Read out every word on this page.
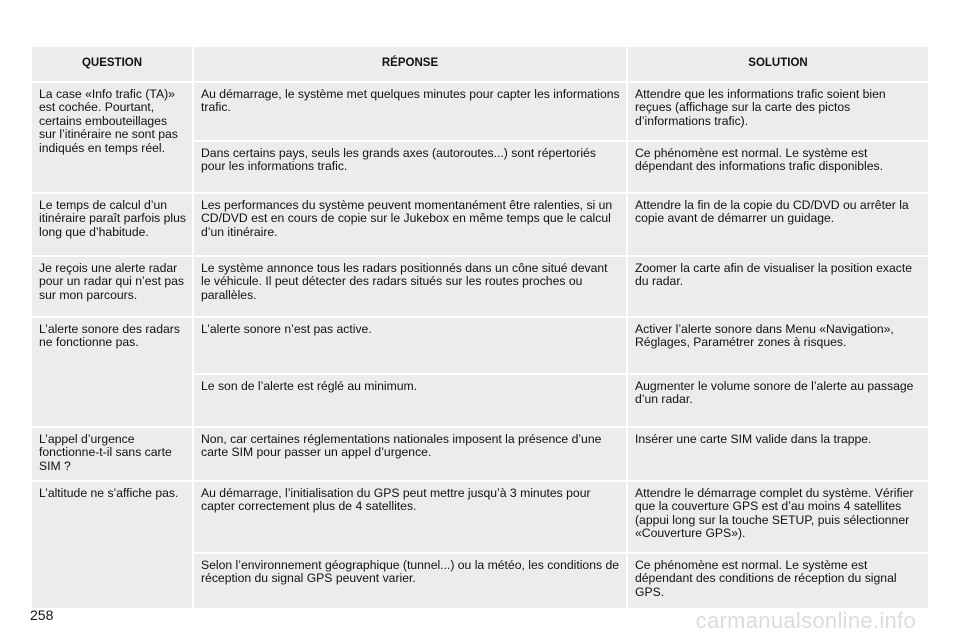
QUESTION	RÉPONSE	SOLUTION
La case «Info trafic (TA)» est cochée. Pourtant, certains embouteillages sur l’itinéraire ne sont pas indiqués en temps réel.	Au démarrage, le système met quelques minutes pour capter les informations trafic.	Attendre que les informations trafic soient bien reçues (affichage sur la carte des pictos d’informations trafic).
	Dans certains pays, seuls les grands axes (autoroutes...) sont répertoriés pour les informations trafic.	Ce phénomène est normal. Le système est dépendant des informations trafic disponibles.
Le temps de calcul d’un itinéraire paraît parfois plus long que d’habitude.	Les performances du système peuvent momentanément être ralenties, si un CD/DVD est en cours de copie sur le Jukebox en même temps que le calcul d’un itinéraire.	Attendre la fin de la copie du CD/DVD ou arrêter la copie avant de démarrer un guidage.
Je reçois une alerte radar pour un radar qui n’est pas sur mon parcours.	Le système annonce tous les radars positionnés dans un cône situé devant le véhicule. Il peut détecter des radars situés sur les routes proches ou parallèles.	Zoomer la carte afin de visualiser la position exacte du radar.
L’alerte sonore des radars ne fonctionne pas.	L’alerte sonore n’est pas active.	Activer l’alerte sonore dans Menu «Navigation», Réglages, Paramétrer zones à risques.
	Le son de l’alerte est réglé au minimum.	Augmenter le volume sonore de l’alerte au passage d’un radar.
L’appel d’urgence fonctionne-t-il sans carte SIM ?	Non, car certaines réglementations nationales imposent la présence d’une carte SIM pour passer un appel d’urgence.	Insérer une carte SIM valide dans la trappe.
L’altitude ne s’affiche pas.	Au démarrage, l’initialisation du GPS peut mettre jusqu’à 3 minutes pour capter correctement plus de 4 satellites.	Attendre le démarrage complet du système. Vérifier que la couverture GPS est d’au moins 4 satellites (appui long sur la touche SETUP, puis sélectionner «Couverture GPS»).
	Selon l’environnement géographique (tunnel...) ou la météo, les conditions de réception du signal GPS peuvent varier.	Ce phénomène est normal. Le système est dépendant des conditions de réception du signal GPS.
258	carmanualsonline.info
